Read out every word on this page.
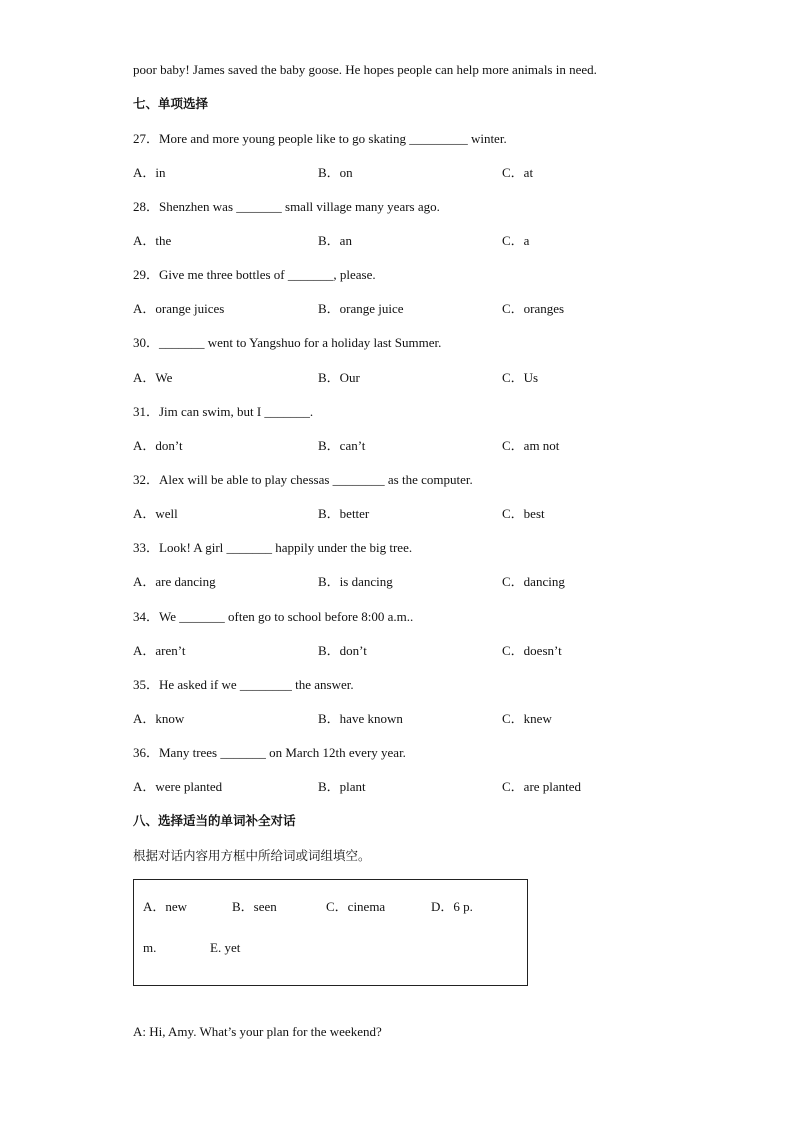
poor baby! James saved the baby goose. He hopes people can help more animals in need.
七、单项选择
27．More and more young people like to go skating _________ winter.
A．in	B．on	C．at
28．Shenzhen was _______ small village many years ago.
A．the	B．an	C．a
29．Give me three bottles of _______, please.
A．orange juices	B．orange juice	C．oranges
30．_______ went to Yangshuo for a holiday last Summer.
A．We	B．Our	C．Us
31．Jim can swim, but I _______.
A．don’t	B．can’t	C．am not
32．Alex will be able to play chessas ________ as the computer.
A．well	B．better	C．best
33．Look! A girl _______ happily under the big tree.
A．are dancing	B．is dancing	C．dancing
34．We _______ often go to school before 8:00 a.m..
A．aren’t	B．don’t	C．doesn’t
35．He asked if we ________ the answer.
A．know	B．have known	C．knew
36．Many trees _______ on March 12th every year.
A．were planted	B．plant	C．are planted
八、选择适当的单词补全对话
根据对话内容用方框中所给词或词组填空。
A．new	B．seen	C．cinema	D．6 p.
m.	E. yet
A: Hi, Amy. What’s your plan for the weekend?
